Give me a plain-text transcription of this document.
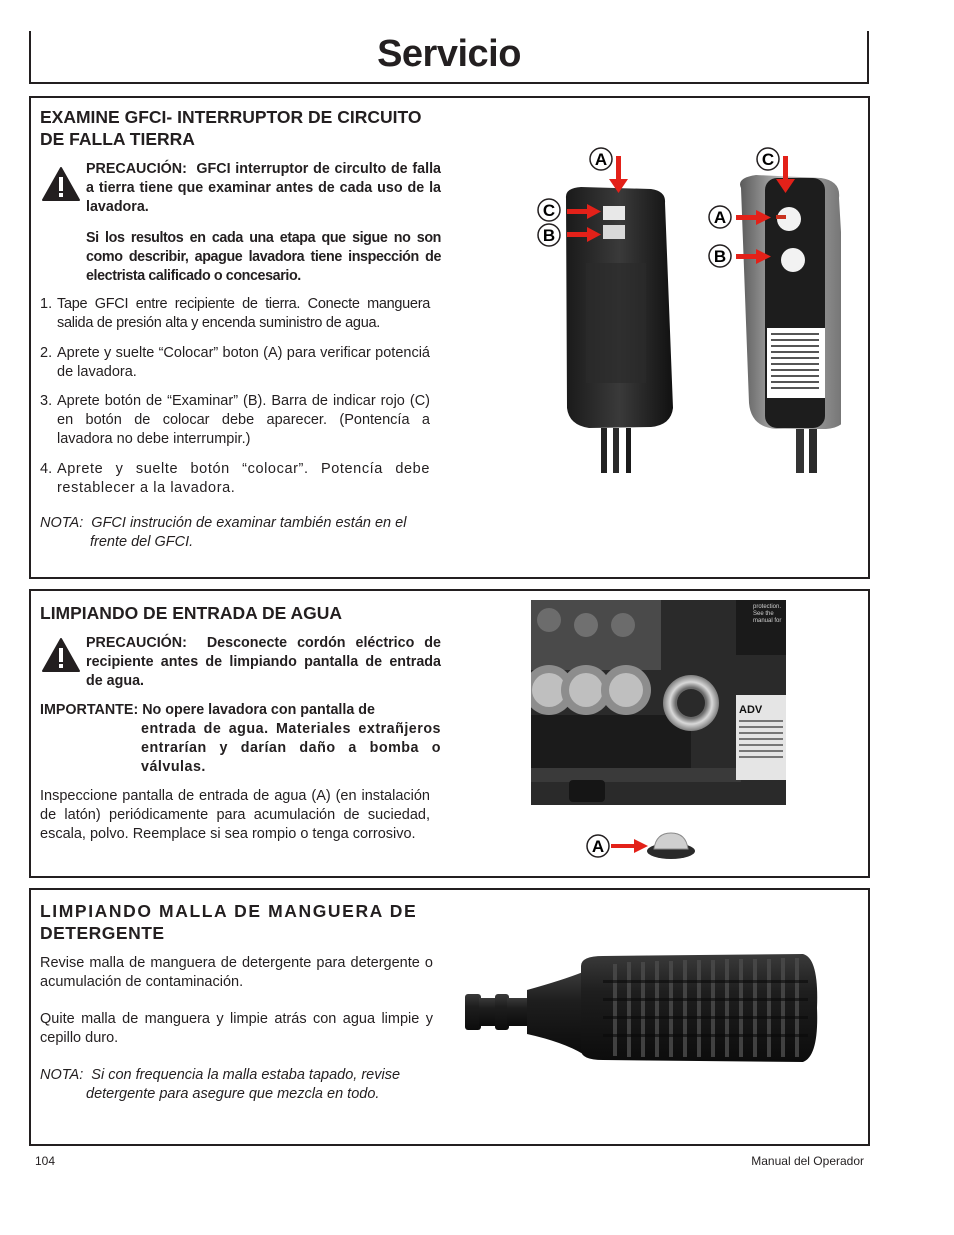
Servicio
EXAMINE GFCI- INTERRUPTOR DE CIRCUITO
DE FALLA TIERRA
PRECAUCIÓN: GFCI interruptor de circulto de falla a tierra tiene que examinar antes de cada uso de la lavadora.
Si los resultos en cada una etapa que sigue no son como describir, apague lavadora tiene inspección de electrista calificado o concesario.
1. Tape GFCI entre recipiente de tierra. Conecte manguera salida de presión alta y encenda suministro de agua.
2. Aprete y suelte “Colocar” boton (A) para verificar potenciá de lavadora.
3. Aprete botón de “Examinar” (B). Barra de indicar rojo (C) en botón de colocar debe aparecer. (Pontencía a lavadora no debe interrumpir.)
4. Aprete y suelte botón “colocar”. Potencía debe restablecer a la lavadora.
NOTA: GFCI instrución de examinar también están en el
frente del GFCI.
A
C
B
C
A
B
LIMPIANDO DE ENTRADA DE AGUA
PRECAUCIÓN: Desconecte cordón eléctrico de recipiente antes de limpiando pantalla de entrada de agua.
IMPORTANTE: No opere lavadora con pantalla de
entrada de agua. Materiales extrañjeros entrarían y darían daño a bomba o válvulas.
Inspeccione pantalla de entrada de agua (A) (en instalación de latón) periódicamente para acumulación de suciedad, escala, polvo. Reemplace si sea rompio o tenga corrosivo.
protection.
See the
manual for
ADV
A
LIMPIANDO MALLA DE MANGUERA DE
DETERGENTE
Revise malla de manguera de detergente para detergente o acumulación de contaminación.
Quite malla de manguera y limpie atrás con agua limpie y cepillo duro.
NOTA: Si con frequencia la malla estaba tapado, revise
detergente para asegure que mezcla en todo.
104	Manual del Operador
